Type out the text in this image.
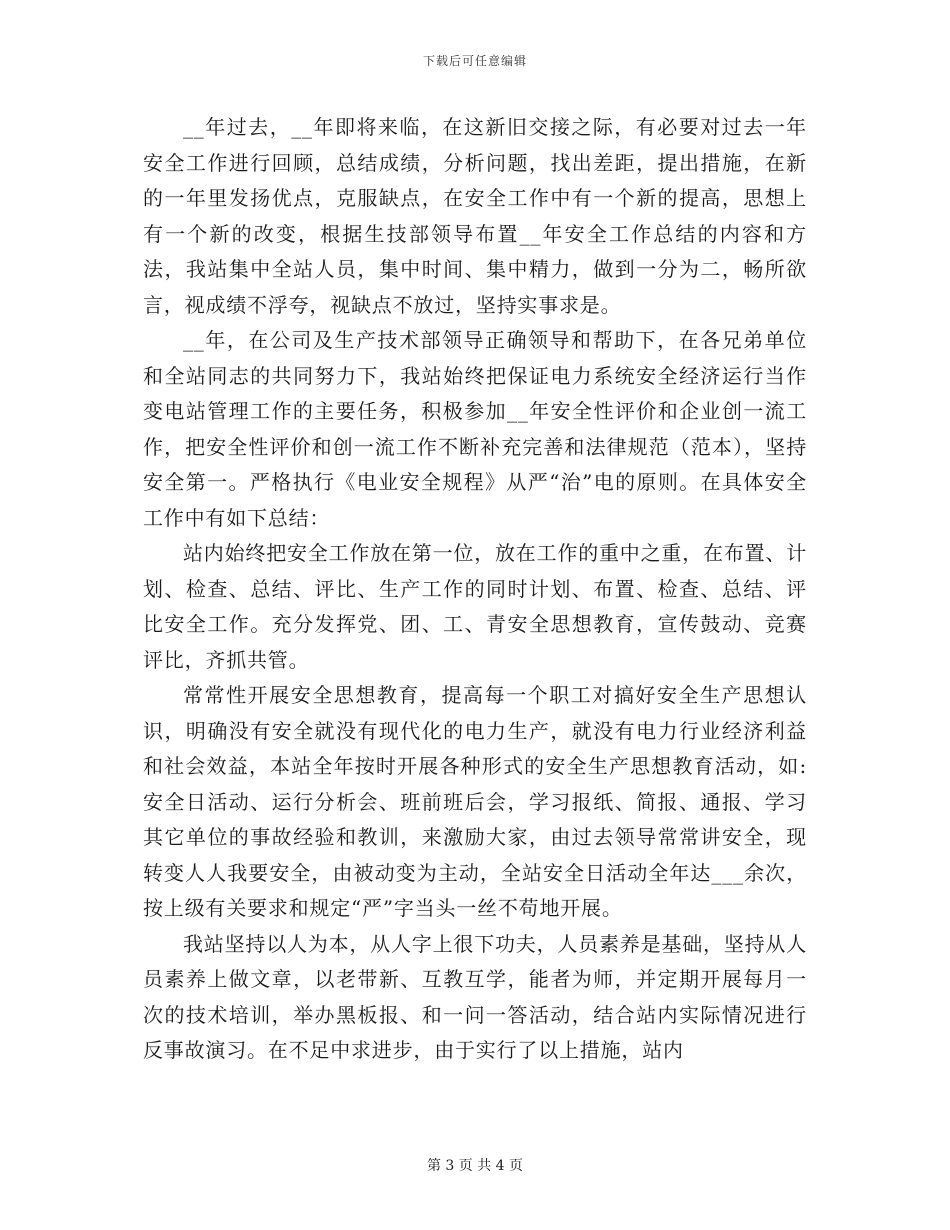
下载后可任意编辑

__年过去，__年即将来临，在这新旧交接之际，有必要对过去一年安全工作进行回顾，总结成绩，分析问题，找出差距，提出措施，在新的一年里发扬优点，克服缺点，在安全工作中有一个新的提高，思想上有一个新的改变，根据生技部领导布置__年安全工作总结的内容和方法，我站集中全站人员，集中时间、集中精力，做到一分为二，畅所欲言，视成绩不浮夸，视缺点不放过，坚持实事求是。

__年，在公司及生产技术部领导正确领导和帮助下，在各兄弟单位和全站同志的共同努力下，我站始终把保证电力系统安全经济运行当作变电站管理工作的主要任务，积极参加__年安全性评价和企业创一流工作，把安全性评价和创一流工作不断补充完善和法律规范（范本），坚持安全第一。严格执行《电业安全规程》从严“治”电的原则。在具体安全工作中有如下总结：

站内始终把安全工作放在第一位，放在工作的重中之重，在布置、计划、检查、总结、评比、生产工作的同时计划、布置、检查、总结、评比安全工作。充分发挥党、团、工、青安全思想教育，宣传鼓动、竞赛评比，齐抓共管。

常常性开展安全思想教育，提高每一个职工对搞好安全生产思想认识，明确没有安全就没有现代化的电力生产，就没有电力行业经济利益和社会效益，本站全年按时开展各种形式的安全生产思想教育活动，如:安全日活动、运行分析会、班前班后会，学习报纸、简报、通报、学习其它单位的事故经验和教训，来激励大家，由过去领导常常讲安全，现转变人人我要安全，由被动变为主动，全站安全日活动全年达___余次，按上级有关要求和规定“严”字当头一丝不苟地开展。

我站坚持以人为本，从人字上很下功夫，人员素养是基础，坚持从人员素养上做文章，以老带新、互教互学，能者为师，并定期开展每月一次的技术培训，举办黑板报、和一问一答活动，结合站内实际情况进行反事故演习。在不足中求进步，由于实行了以上措施，站内

第 3 页 共 4 页
